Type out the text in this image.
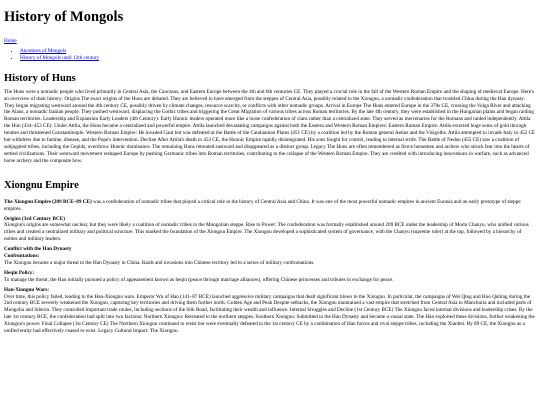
History of Mongols
Home
• Ancestors of Mongols
• History of Mongols until 12th century
History of Huns

The Huns were a nomadic people who lived primarily in Central Asia, the Caucasus, and Eastern Europe between the 4th and 6th centuries CE. They played a crucial role in the fall of the Western Roman Empire and the shaping of medieval Europe. Here's an overview of their history: Origins The exact origins of the Huns are debated. They are believed to have emerged from the steppes of Central Asia, possibly related to the Xiongnu, a nomadic confederation that troubled China during the Han dynasty. They began migrating westward around the 4th century CE, possibly driven by climate changes, resource scarcity, or conflicts with other nomadic groups. Arrival in Europe The Huns entered Europe in the 370s CE, crossing the Volga River and attacking the Alans, a nomadic Iranian people. They pushed westward, displacing the Gothic tribes and triggering the Great Migration of various tribes across Roman territories. By the late 4th century, they were established in the Hungarian plains and began raiding Roman territories. Leadership and Expansion Early Leaders (4th Century): Early Hunnic leaders operated more like a loose confederation of clans rather than a centralized state. They served as mercenaries for the Romans and raided independently. Attila the Hun (434–453 CE): Under Attila, the Huns became a centralized and powerful empire. Attila launched devastating campaigns against both the Eastern and Western Roman Empires: Eastern Roman Empire: Attila extorted huge sums of gold through treaties and threatened Constantinople. Western Roman Empire: He invaded Gaul but was defeated at the Battle of the Catalaunian Plains (451 CE) by a coalition led by the Roman general Aetius and the Visigoths. Attila attempted to invade Italy in 452 CE but withdrew due to famine, disease, and the Pope's intervention. Decline After Attila's death in 453 CE, the Hunnic Empire rapidly disintegrated. His sons fought for control, leading to internal strife. The Battle of Nedao (455 CE) saw a coalition of subjugated tribes, including the Gepids, overthrow Hunnic dominance. The remaining Huns retreated eastward and disappeared as a distinct group. Legacy The Huns are often remembered as fierce horsemen and archers who struck fear into the hearts of settled civilizations. Their westward movement reshaped Europe by pushing Germanic tribes into Roman territories, contributing to the collapse of the Western Roman Empire. They are credited with introducing innovations in warfare, such as advanced horse archery and the composite bow.

Xiongnu Empire

The Xiongnu Empire (209 BCE–89 CE) was a confederation of nomadic tribes that played a critical role in the history of Central Asia and China. It was one of the most powerful nomadic empires in ancient Eurasia and an early prototype of steppe empires.

Origins (3rd Century BCE)

Xiongnu's origins are somewhat unclear, but they were likely a coalition of nomadic tribes in the Mongolian steppe. Rise to Power: The confederation was formally established around 209 BCE under the leadership of Modu Chanyu, who unified various tribes and created a centralized military and political structure. This marked the foundation of the Xiongnu Empire. The Xiongnu developed a sophisticated system of governance, with the Chanyu (supreme ruler) at the top, followed by a hierarchy of nobles and military leaders.

Conflict with the Han Dynasty
Confrontations:

The Xiongnu became a major threat to the Han Dynasty in China. Raids and invasions into Chinese territory led to a series of military confrontations.

Heqin Policy:

To manage the threat, the Han initially pursued a policy of appeasement known as heqin (peace through marriage alliances), offering Chinese princesses and tributes in exchange for peace.

Han-Xiongnu Wars:

Over time, this policy failed, leading to the Han-Xiongnu wars. Emperor Wu of Han (141–87 BCE) launched aggressive military campaigns that dealt significant blows to the Xiongnu. In particular, the campaigns of Wei Qing and Huo Qubing during the 2nd century BCE severely weakened the Xiongnu, capturing key territories and driving them further north. Golden Age and Peak Despite setbacks, the Xiongnu maintained a vast empire that stretched from Central Asia to Manchuria and included parts of Mongolia and Siberia. They controlled important trade routes, including sections of the Silk Road, facilitating their wealth and influence. Internal Struggles and Decline (1st Century BCE) The Xiongnu faced internal divisions and leadership crises. By the late 1st century BCE, the confederation had split into two factions: Northern Xiongnu: Retreated to the northern steppes. Southern Xiongnu: Submitted to the Han Dynasty and became a vassal state. The Han exploited these divisions, further weakening the Xiongnu's power. Final Collapse (1st Century CE) The Northern Xiongnu continued to resist but were eventually defeated in the 1st century CE by a combination of Han forces and rival steppe tribes, including the Xianbei. By 89 CE, the Xiongnu as a unified entity had effectively ceased to exist. Legacy Cultural Impact: The Xiongnu
